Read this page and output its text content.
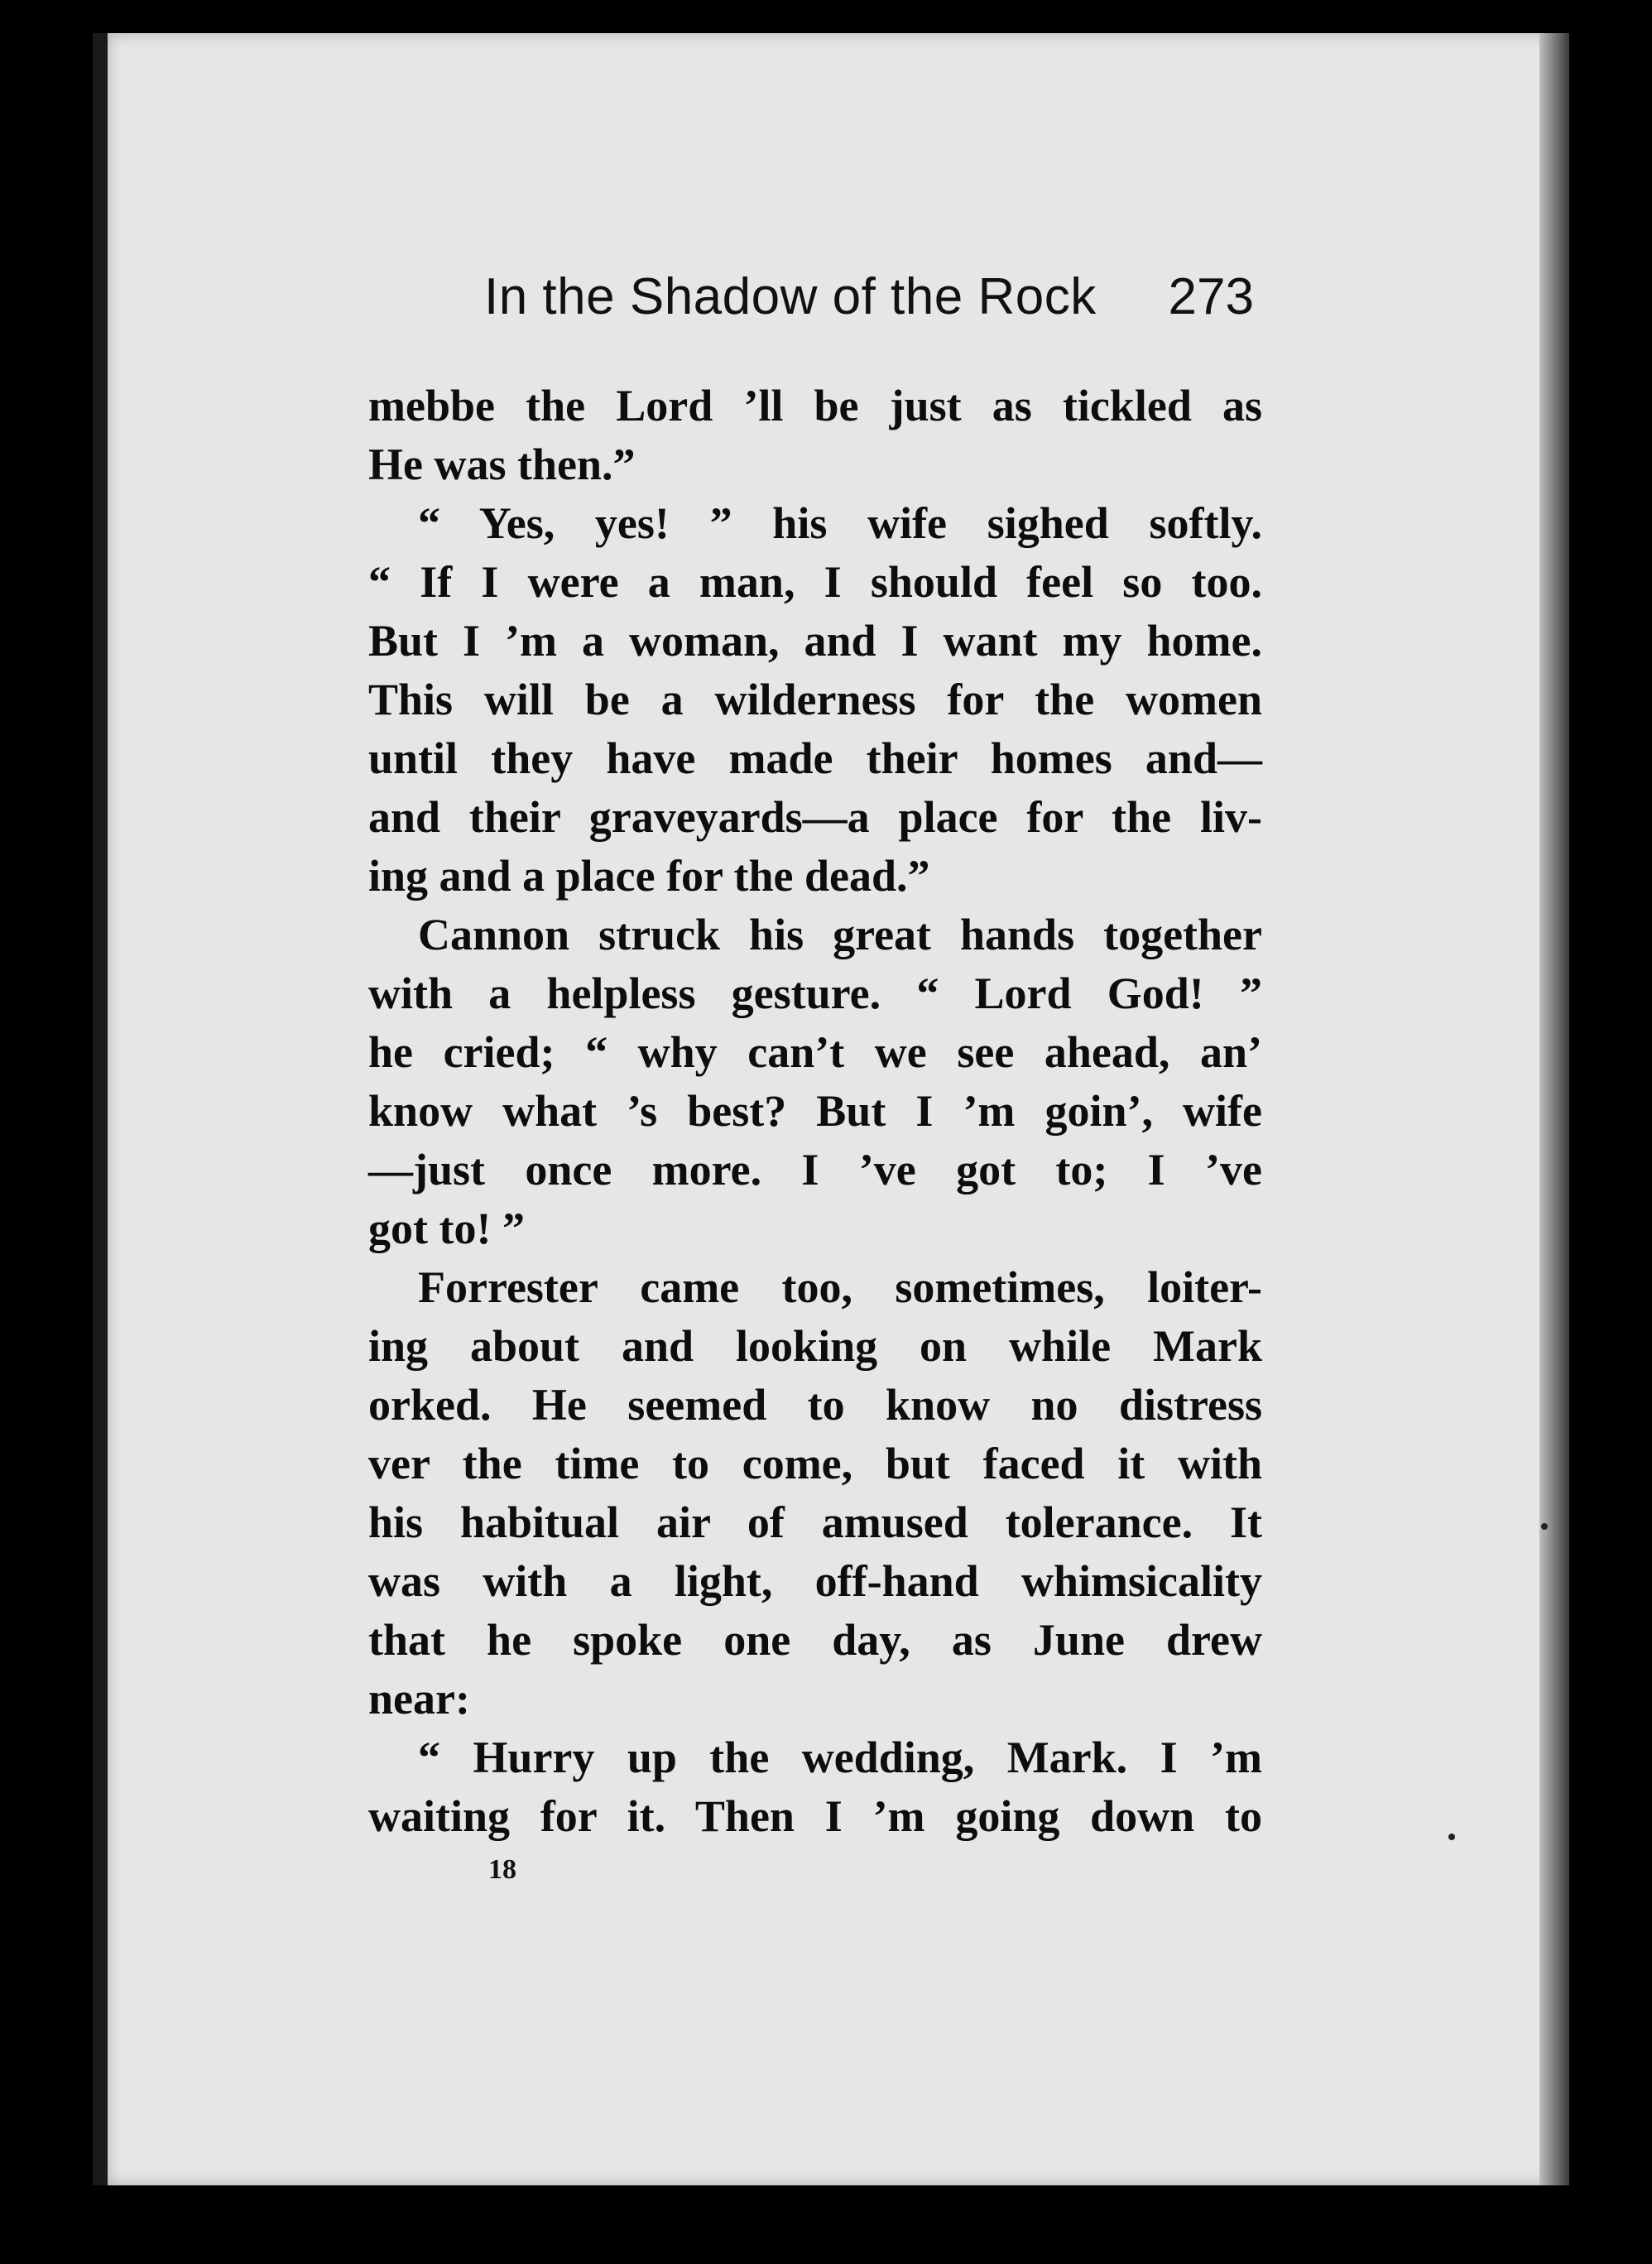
In the Shadow of the Rock 273
mebbe the Lord ’ll be just as tickled as
He was then.”
“ Yes, yes! ” his wife sighed softly.
“ If I were a man, I should feel so too.
But I ’m a woman, and I want my home.
This will be a wilderness for the women
until they have made their homes and—
and their graveyards—a place for the liv-
ing and a place for the dead.”
Cannon struck his great hands together
with a helpless gesture. “ Lord God! ”
he cried; “ why can’t we see ahead, an’
know what ’s best? But I ’m goin’, wife
—just once more. I ’ve got to; I ’ve
got to! ”
Forrester came too, sometimes, loiter-
ing about and looking on while Mark
orked. He seemed to know no distress
ver the time to come, but faced it with
his habitual air of amused tolerance. It
was with a light, off-hand whimsicality
that he spoke one day, as June drew
near:
“ Hurry up the wedding, Mark. I ’m
waiting for it. Then I ’m going down to
18
